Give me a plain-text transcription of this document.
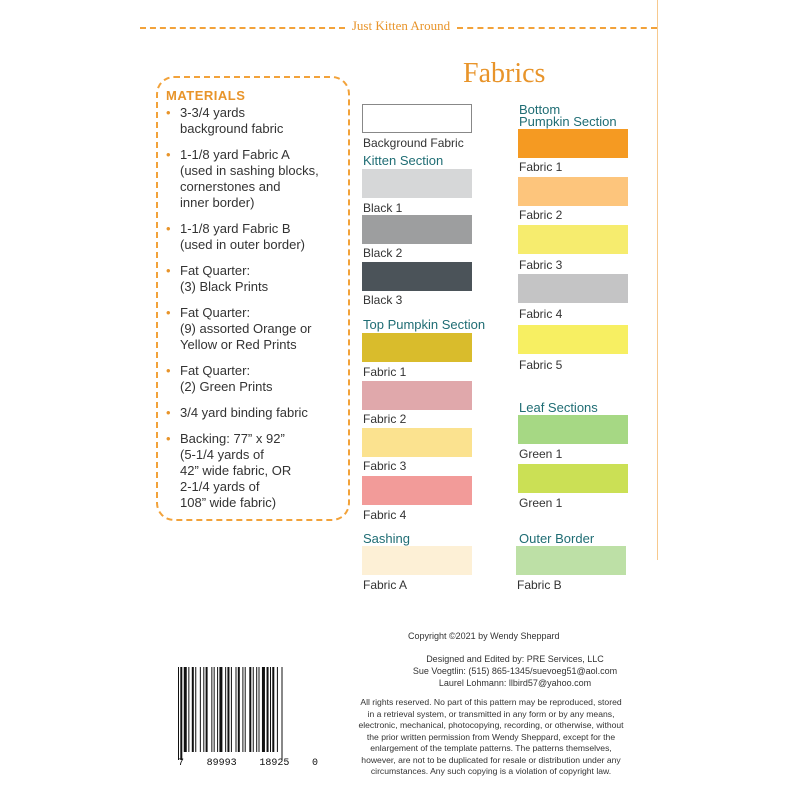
Just Kitten Around
Fabrics
MATERIALS
• 3-3/4 yards
background fabric
• 1-1/8 yard Fabric A
(used in sashing blocks,
cornerstones and
inner border)
• 1-1/8 yard Fabric B
(used in outer border)
• Fat Quarter:
(3) Black Prints
• Fat Quarter:
(9) assorted Orange or
Yellow or Red Prints
• Fat Quarter:
(2) Green Prints
• 3/4 yard binding fabric
• Backing: 77” x 92”
(5-1/4 yards of
42” wide fabric, OR
2-1/4 yards of
108” wide fabric)
Background Fabric
Kitten Section
Black 1
Black 2
Black 3
Top Pumpkin Section
Fabric 1
Fabric 2
Fabric 3
Fabric 4
Sashing
Fabric A
Bottom
Pumpkin Section
Fabric 1
Fabric 2
Fabric 3
Fabric 4
Fabric 5
Leaf Sections
Green 1
Green 1
Outer Border
Fabric B
Copyright ©2021 by Wendy Sheppard
Designed and Edited by: PRE Services, LLC
Sue Voegtlin: (515) 865-1345/suevoeg51@aol.com
Laurel Lohmann: llbird57@yahoo.com
All rights reserved. No part of this pattern may be reproduced, stored
in a retrieval system, or transmitted in any form or by any means,
electronic, mechanical, photocopying, recording, or otherwise, without
the prior written permission from Wendy Sheppard, except for the
enlargement of the template patterns. The patterns themselves,
however, are not to be duplicated for resale or distribution under any
circumstances. Any such copying is a violation of copyright law.
7 89993 18925 0
